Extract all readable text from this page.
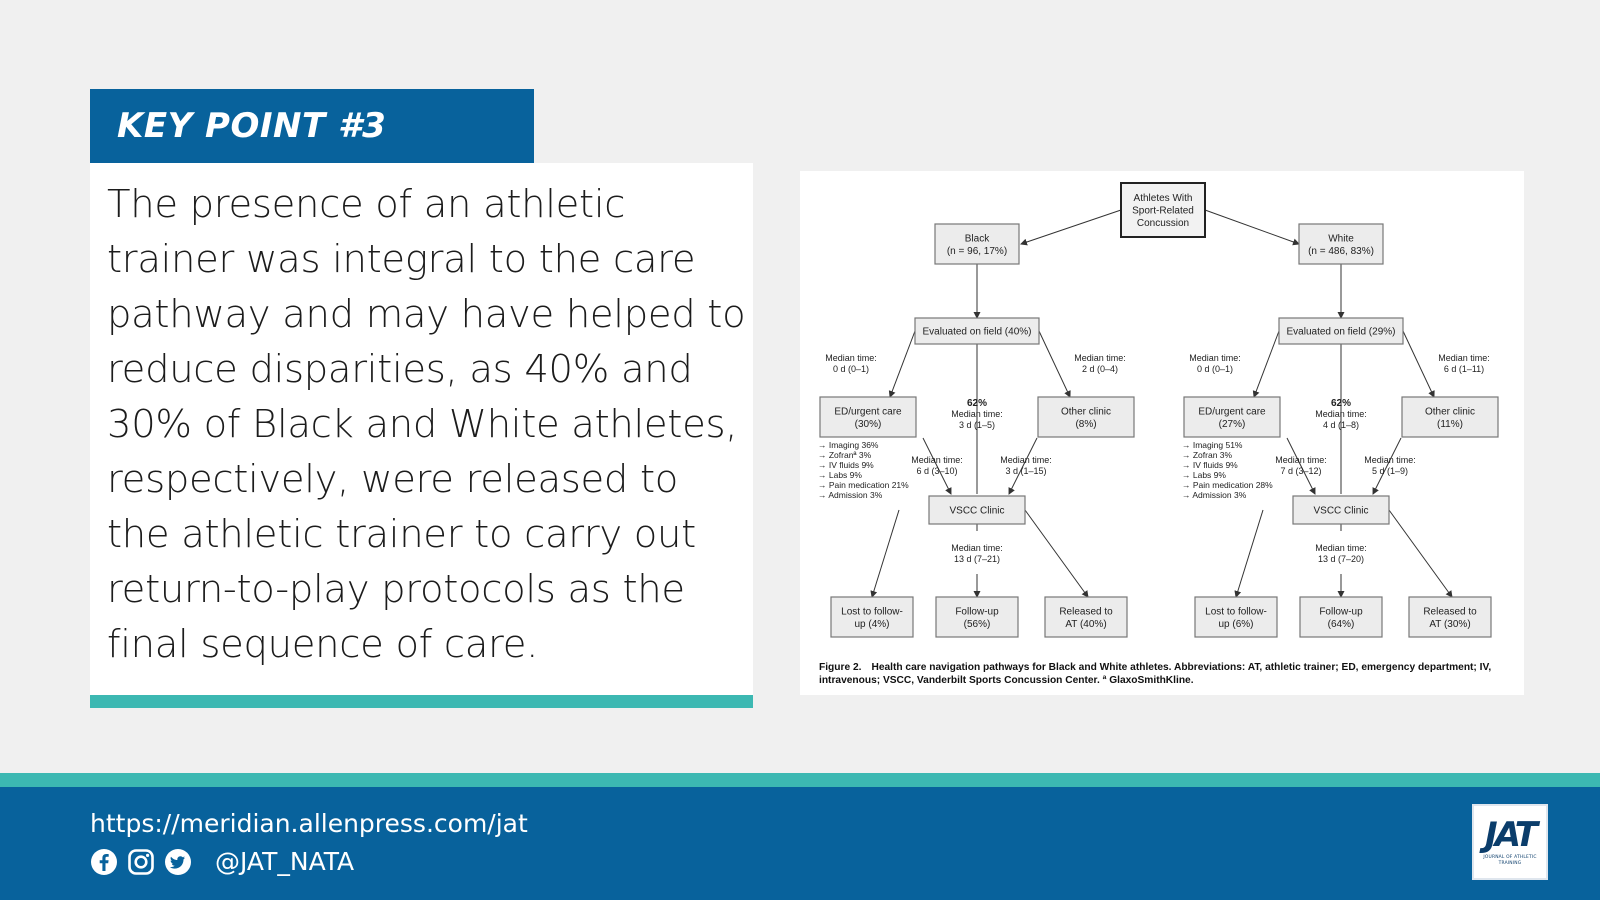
KEY POINT #3

The presence of an athletic trainer was integral to the care pathway and may have helped to reduce disparities, as 40% and 30% of Black and White athletes, respectively, were released to the athletic trainer to carry out return-to-play protocols as the final sequence of care.

Athletes With
Sport-Related
Concussion
Black
(n = 96, 17%)
Evaluated on field (40%)
ED/urgent care
(30%)
Other clinic
(8%)
VSCC Clinic
Lost to follow-
up (4%)
Follow-up
(56%)
Released to
AT (40%)
White
(n = 486, 83%)
Evaluated on field (29%)
ED/urgent care
(27%)
Other clinic
(11%)
VSCC Clinic
Lost to follow-
up (6%)
Follow-up
(64%)
Released to
AT (30%)
Median time:
0 d (0–1)
Median time:
2 d (0–4)
62%
Median time:
3 d (1–5)
→ Imaging 36%
→ Zofranª 3%
→ IV fluids 9%
→ Labs 9%
→ Pain medication 21%
→ Admission 3%
Median time:
6 d (3–10)
Median time:
3 d (1–15)
Median time:
13 d (7–21)
Median time:
0 d (0–1)
Median time:
6 d (1–11)
62%
Median time:
4 d (1–8)
→ Imaging 51%
→ Zofran 3%
→ IV fluids 9%
→ Labs 9%
→ Pain medication 28%
→ Admission 3%
Median time:
7 d (3–12)
Median time:
5 d (1–9)
Median time:
13 d (7–20)

Figure 2. Health care navigation pathways for Black and White athletes. Abbreviations: AT, athletic trainer; ED, emergency department; IV, intravenous; VSCC, Vanderbilt Sports Concussion Center. ª GlaxoSmithKline.

https://meridian.allenpress.com/jat
@JAT_NATA
JAT
JOURNAL OF ATHLETIC TRAINING
